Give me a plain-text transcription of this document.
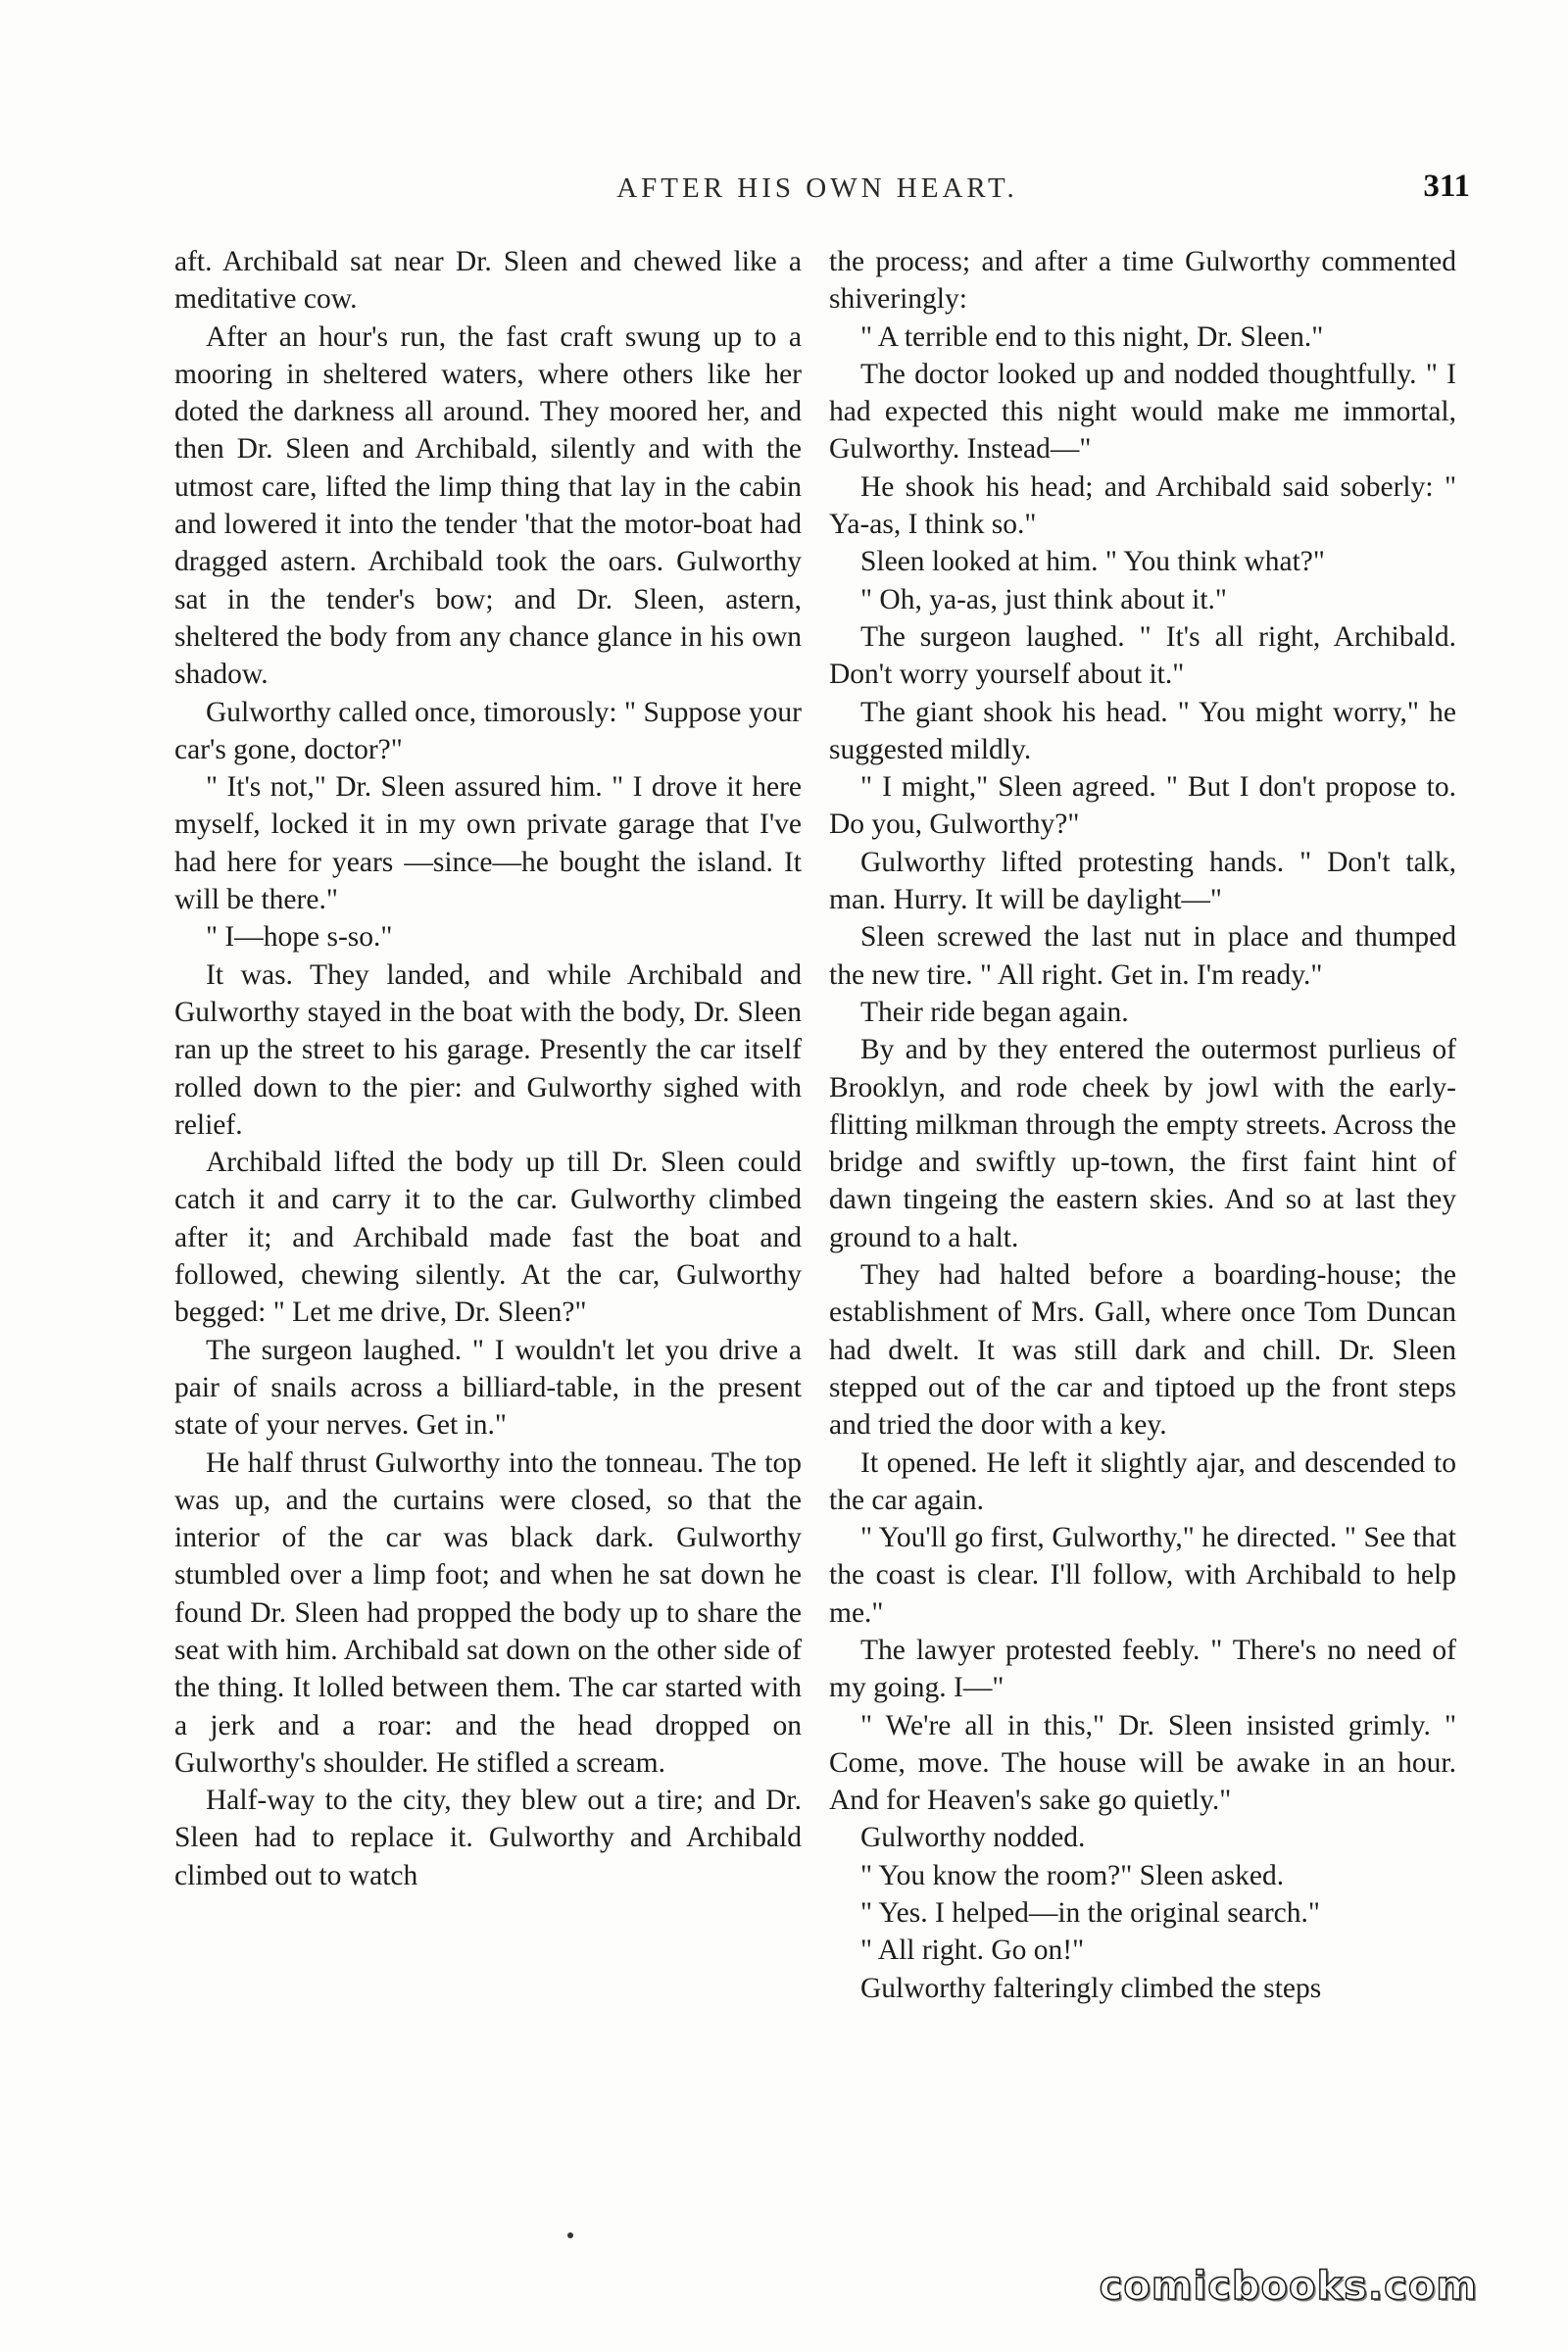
AFTER HIS OWN HEART.	311

aft. Archibald sat near Dr. Sleen and chewed like a meditative cow.

After an hour's run, the fast craft swung up to a mooring in sheltered waters, where others like her doted the darkness all around. They moored her, and then Dr. Sleen and Archibald, silently and with the utmost care, lifted the limp thing that lay in the cabin and lowered it into the tender 'that the motor-boat had dragged astern. Archibald took the oars. Gulworthy sat in the tender's bow; and Dr. Sleen, astern, sheltered the body from any chance glance in his own shadow.

Gulworthy called once, timorously: " Suppose your car's gone, doctor?"

" It's not," Dr. Sleen assured him. " I drove it here myself, locked it in my own private garage that I've had here for years —since—he bought the island. It will be there."

" I—hope s-so."

It was. They landed, and while Archibald and Gulworthy stayed in the boat with the body, Dr. Sleen ran up the street to his garage. Presently the car itself rolled down to the pier: and Gulworthy sighed with relief.

Archibald lifted the body up till Dr. Sleen could catch it and carry it to the car. Gulworthy climbed after it; and Archibald made fast the boat and followed, chewing silently. At the car, Gulworthy begged: " Let me drive, Dr. Sleen?"

The surgeon laughed. " I wouldn't let you drive a pair of snails across a billiard-table, in the present state of your nerves. Get in."

He half thrust Gulworthy into the tonneau. The top was up, and the curtains were closed, so that the interior of the car was black dark. Gulworthy stumbled over a limp foot; and when he sat down he found Dr. Sleen had propped the body up to share the seat with him. Archibald sat down on the other side of the thing. It lolled between them. The car started with a jerk and a roar: and the head dropped on Gulworthy's shoulder. He stifled a scream.

Half-way to the city, they blew out a tire; and Dr. Sleen had to replace it. Gulworthy and Archibald climbed out to watch

the process; and after a time Gulworthy commented shiveringly:

" A terrible end to this night, Dr. Sleen."

The doctor looked up and nodded thoughtfully. " I had expected this night would make me immortal, Gulworthy. Instead—"

He shook his head; and Archibald said soberly: " Ya-as, I think so."

Sleen looked at him. " You think what?"

" Oh, ya-as, just think about it."

The surgeon laughed. " It's all right, Archibald. Don't worry yourself about it."

The giant shook his head. " You might worry," he suggested mildly.

" I might," Sleen agreed. " But I don't propose to. Do you, Gulworthy?"

Gulworthy lifted protesting hands. " Don't talk, man. Hurry. It will be daylight—"

Sleen screwed the last nut in place and thumped the new tire. " All right. Get in. I'm ready."

Their ride began again.

By and by they entered the outermost purlieus of Brooklyn, and rode cheek by jowl with the early-flitting milkman through the empty streets. Across the bridge and swiftly up-town, the first faint hint of dawn tingeing the eastern skies. And so at last they ground to a halt.

They had halted before a boarding-house; the establishment of Mrs. Gall, where once Tom Duncan had dwelt. It was still dark and chill. Dr. Sleen stepped out of the car and tiptoed up the front steps and tried the door with a key.

It opened. He left it slightly ajar, and descended to the car again.

" You'll go first, Gulworthy," he directed. " See that the coast is clear. I'll follow, with Archibald to help me."

The lawyer protested feebly. " There's no need of my going. I—"

" We're all in this," Dr. Sleen insisted grimly. " Come, move. The house will be awake in an hour. And for Heaven's sake go quietly."

Gulworthy nodded.

" You know the room?" Sleen asked.

" Yes. I helped—in the original search."

" All right. Go on!"

Gulworthy falteringly climbed the steps

comicbooks.com
